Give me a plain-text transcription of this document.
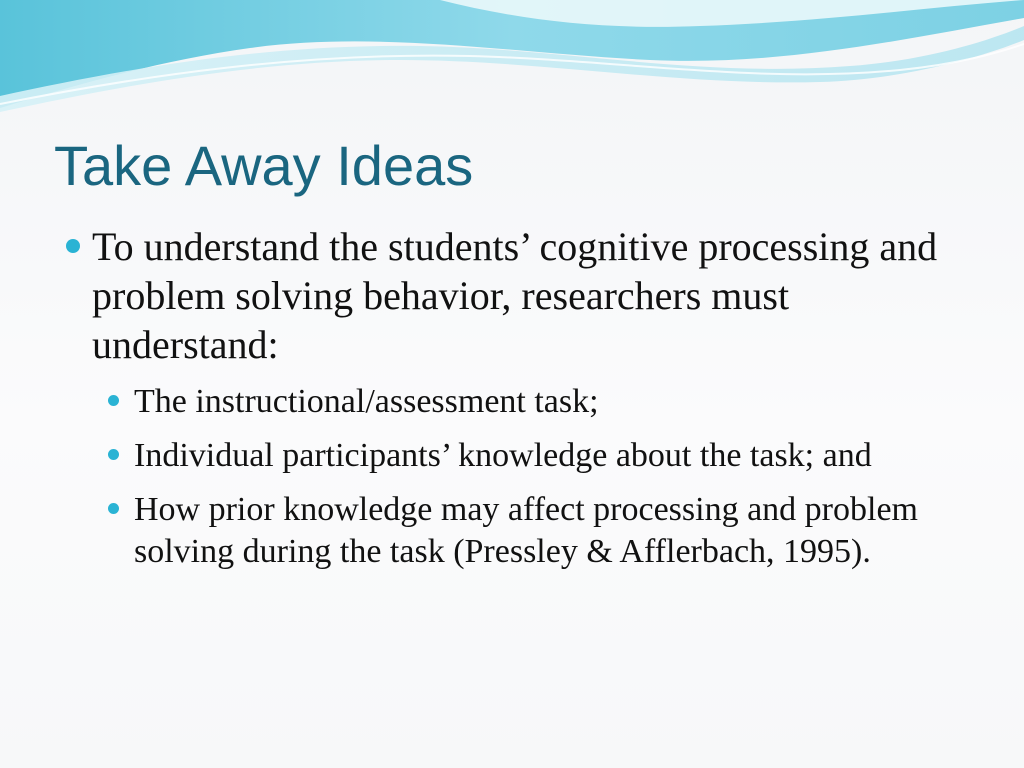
Take Away Ideas
To understand the students’ cognitive processing and problem solving behavior, researchers must understand:
The instructional/assessment task;
Individual participants’ knowledge about the task; and
How prior knowledge may affect processing and problem solving during the task (Pressley & Afflerbach, 1995).
